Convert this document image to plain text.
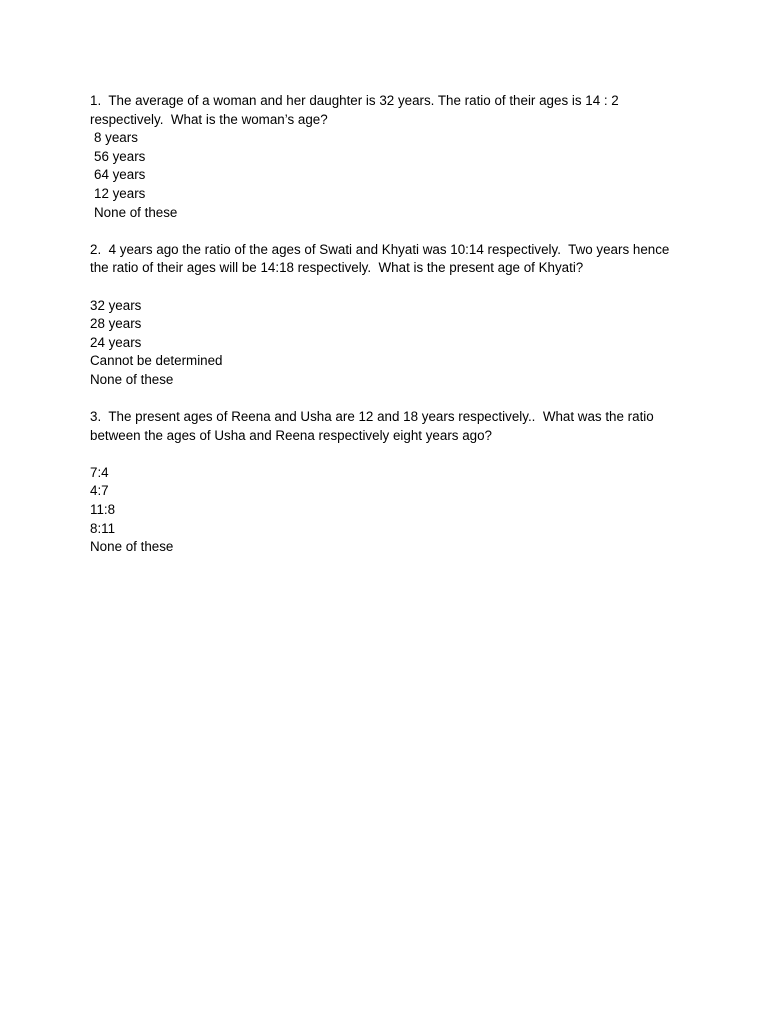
1.  The average of a woman and her daughter is 32 years. The ratio of their ages is 14 : 2 respectively.  What is the woman’s age?

8 years
56 years
64 years
12 years
None of these

2.  4 years ago the ratio of the ages of Swati and Khyati was 10:14 respectively.  Two years hence the ratio of their ages will be 14:18 respectively.  What is the present age of Khyati?

32 years
28 years
24 years
Cannot be determined
None of these

3.  The present ages of Reena and Usha are 12 and 18 years respectively..  What was the ratio between the ages of Usha and Reena respectively eight years ago?

7:4
4:7
11:8
8:11
None of these
